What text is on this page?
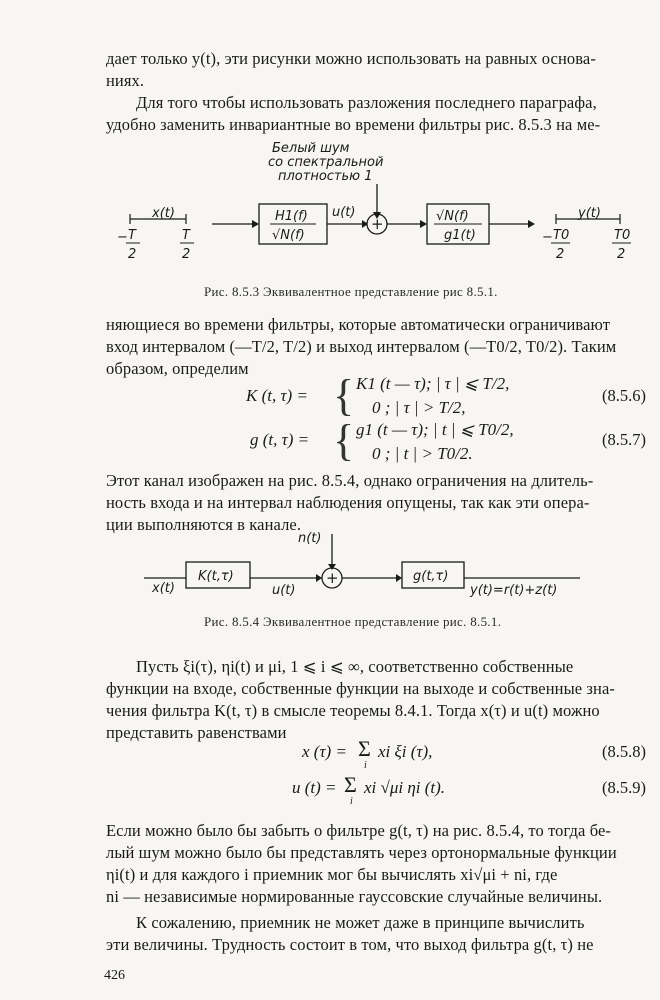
дает только y(t), эти рисунки можно использовать на равных основа-
ниях.

Для того чтобы использовать разложения последнего параграфа,
удобно заменить инвариантные во времени фильтры рис. 8.5.3 на ме-

Белый шум
со спектральной
плотностью 1
x(t)
− T
2
T
2
H1(f)
√N(f)
u(t)
+	√N(f)
g1(t)
y(t)
− T0
2
T0
2
Рис. 8.5.3 Эквивалентное представление рис 8.5.1.

няющиеся во времени фильтры, которые автоматически ограничивают
вход интервалом (—T/2, T/2) и выход интервалом (—T0/2, T0/2). Таким
образом, определим

K (t, τ) = { K1 (t — τ); | τ | ⩽ T/2,
0 ; | τ | > T/2,
(8.5.6)
g (t, τ) = { g1 (t — τ); | t | ⩽ T0/2,
0 ; | t | > T0/2.
(8.5.7)

Этот канал изображен на рис. 8.5.4, однако ограничения на длитель-
ность входа и на интервал наблюдения опущены, так как эти опера-
ции выполняются в канале.

n(t)
x(t)
K(t,τ)
u(t)
+	g(t,τ)
y(t)=r(t)+z(t)
Рис. 8.5.4 Эквивалентное представление рис. 8.5.1.

Пусть ξi(τ), ηi(t) и μi, 1 ⩽ i ⩽ ∞, соответственно собственные
функции на входе, собственные функции на выходе и собственные зна-
чения фильтра K(t, τ) в смысле теоремы 8.4.1. Тогда x(τ) и u(t) можно
представить равенствами

x (τ) = Σ
i
xi ξi (τ),	(8.5.8)
u (t) = Σ
i
xi √μi ηi (t).	(8.5.9)

Если можно было бы забыть о фильтре g(t, τ) на рис. 8.5.4, то тогда бе-
лый шум можно было бы представлять через ортонормальные функции
ηi(t) и для каждого i приемник мог бы вычислять xi√μi + ni, где
ni — независимые нормированные гауссовские случайные величины.

К сожалению, приемник не может даже в принципе вычислить
эти величины. Трудность состоит в том, что выход фильтра g(t, τ) не

426
